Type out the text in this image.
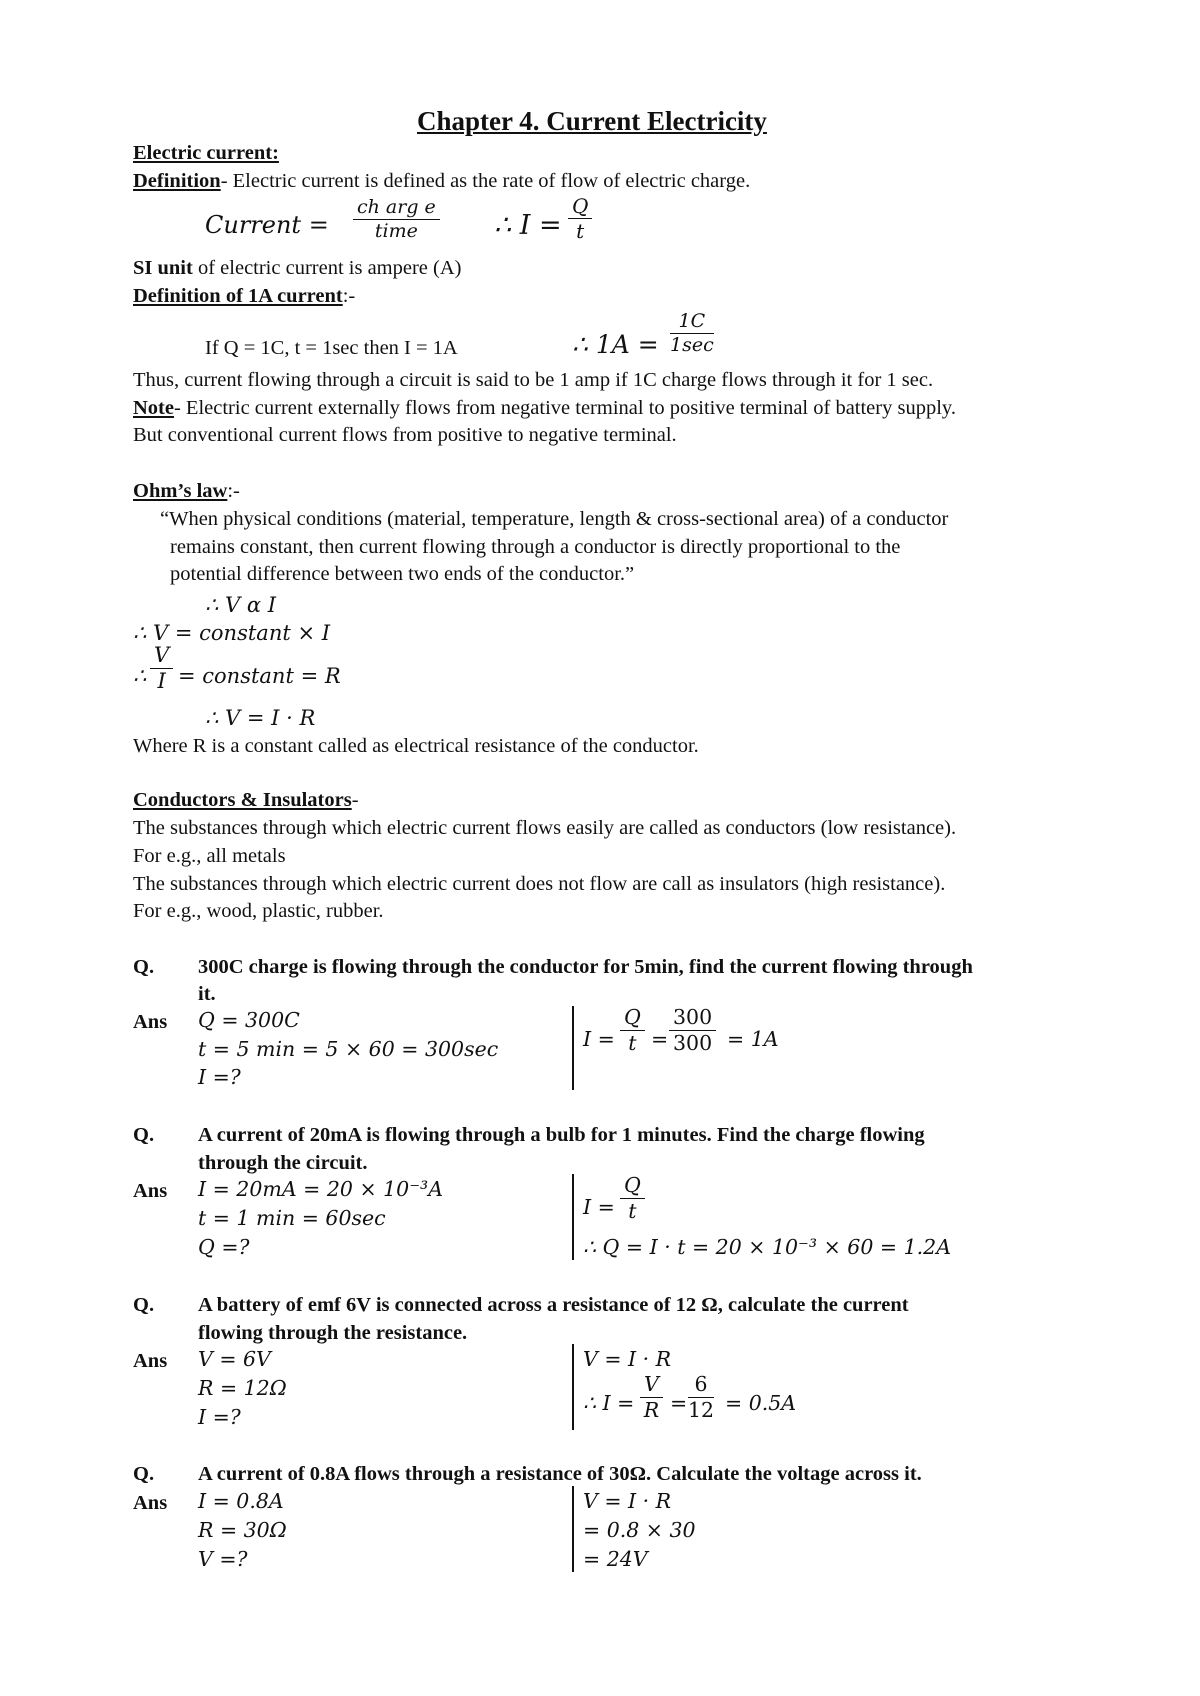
Chapter 4. Current Electricity
Electric current:
Definition- Electric current is defined as the rate of flow of electric charge.
Current =
ch arg e
time	∴ I =
Q
t
SI unit of electric current is ampere (A)
Definition of 1A current:-
If Q = 1C, t = 1sec then I = 1A	∴ 1A =
1C
1sec
Thus, current flowing through a circuit is said to be 1 amp if 1C charge flows through it for 1 sec.
Note- Electric current externally flows from negative terminal to positive terminal of battery supply.
But conventional current flows from positive to negative terminal.
Ohm’s law:-
“When physical conditions (material, temperature, length & cross-sectional area) of a conductor
remains constant, then current flowing through a conductor is directly proportional to the
potential difference between two ends of the conductor.”
∴ V α I
∴ V = constant × I
∴
V
I = constant = R
∴ V = I · R
Where R is a constant called as electrical resistance of the conductor.
Conductors & Insulators-
The substances through which electric current flows easily are called as conductors (low resistance).
For e.g., all metals
The substances through which electric current does not flow are call as insulators (high resistance).
For e.g., wood, plastic, rubber.
Q. 300C charge is flowing through the conductor for 5min, find the current flowing through
it.
Ans Q = 300C
t = 5 min = 5 × 60 = 300sec
I =?
I =
Q
t =
300
300 = 1A
Q. A current of 20mA is flowing through a bulb for 1 minutes. Find the charge flowing
through the circuit.
Ans I = 20mA = 20 × 10⁻³A
t = 1 min = 60sec
Q =?
I =
Q
t
∴ Q = I · t = 20 × 10⁻³ × 60 = 1.2A
Q. A battery of emf 6V is connected across a resistance of 12 Ω, calculate the current
flowing through the resistance.
Ans V = 6V
R = 12Ω
I =?
V = I · R
∴ I =
V
R =
6
12 = 0.5A
Q. A current of 0.8A flows through a resistance of 30Ω. Calculate the voltage across it.
Ans I = 0.8A
R = 30Ω
V =?
V = I · R
= 0.8 × 30
= 24V
